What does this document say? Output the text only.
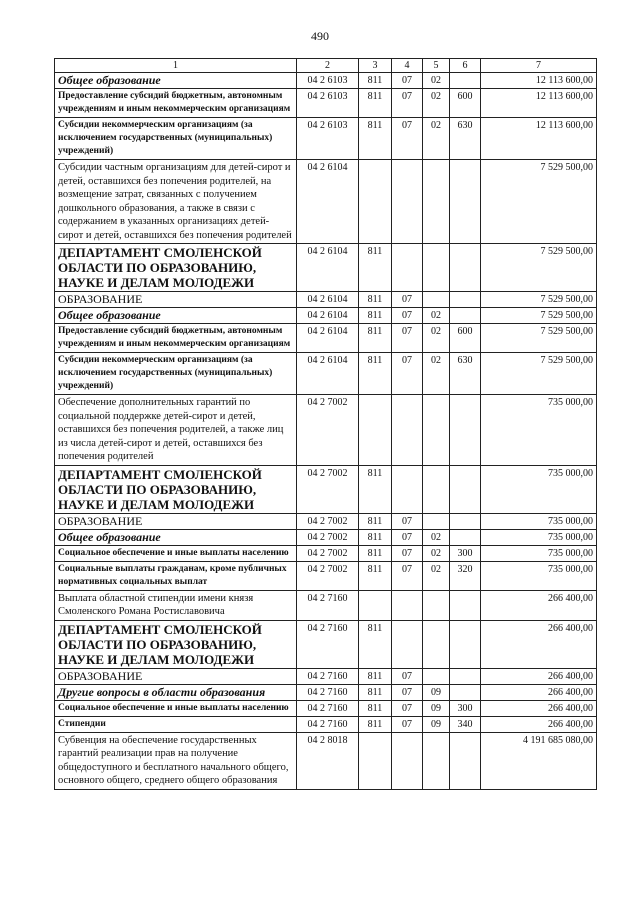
490
1	2	3	4	5	6	7
Общее образование	04 2 6103	811	07	02		12 113 600,00
Предоставление субсидий бюджетным, автономным учреждениям и иным некоммерческим организациям	04 2 6103	811	07	02	600	12 113 600,00
Субсидии некоммерческим организациям (за исключением государственных (муниципальных) учреждений)	04 2 6103	811	07	02	630	12 113 600,00
Субсидии частным организациям для детей-сирот и детей, оставшихся без попечения родителей, на возмещение затрат, связанных с получением дошкольного образования, а также в связи с содержанием в указанных организациях детей-сирот и детей, оставшихся без попечения родителей	04 2 6104					7 529 500,00
ДЕПАРТАМЕНТ СМОЛЕНСКОЙ ОБЛАСТИ ПО ОБРАЗОВАНИЮ, НАУКЕ И ДЕЛАМ МОЛОДЕЖИ	04 2 6104	811				7 529 500,00
ОБРАЗОВАНИЕ	04 2 6104	811	07			7 529 500,00
Общее образование	04 2 6104	811	07	02		7 529 500,00
Предоставление субсидий бюджетным, автономным учреждениям и иным некоммерческим организациям	04 2 6104	811	07	02	600	7 529 500,00
Субсидии некоммерческим организациям (за исключением государственных (муниципальных) учреждений)	04 2 6104	811	07	02	630	7 529 500,00
Обеспечение дополнительных гарантий по социальной поддержке детей-сирот и детей, оставшихся без попечения родителей, а также лиц из числа детей-сирот и детей, оставшихся без попечения родителей	04 2 7002					735 000,00
ДЕПАРТАМЕНТ СМОЛЕНСКОЙ ОБЛАСТИ ПО ОБРАЗОВАНИЮ, НАУКЕ И ДЕЛАМ МОЛОДЕЖИ	04 2 7002	811				735 000,00
ОБРАЗОВАНИЕ	04 2 7002	811	07			735 000,00
Общее образование	04 2 7002	811	07	02		735 000,00
Социальное обеспечение и иные выплаты населению	04 2 7002	811	07	02	300	735 000,00
Социальные выплаты гражданам, кроме публичных нормативных социальных выплат	04 2 7002	811	07	02	320	735 000,00
Выплата областной стипендии имени князя Смоленского Романа Ростиславовича	04 2 7160					266 400,00
ДЕПАРТАМЕНТ СМОЛЕНСКОЙ ОБЛАСТИ ПО ОБРАЗОВАНИЮ, НАУКЕ И ДЕЛАМ МОЛОДЕЖИ	04 2 7160	811				266 400,00
ОБРАЗОВАНИЕ	04 2 7160	811	07			266 400,00
Другие вопросы в области образования	04 2 7160	811	07	09		266 400,00
Социальное обеспечение и иные выплаты населению	04 2 7160	811	07	09	300	266 400,00
Стипендии	04 2 7160	811	07	09	340	266 400,00
Субвенция на обеспечение государственных гарантий реализации прав на получение общедоступного и бесплатного начального общего, основного общего, среднего общего образования	04 2 8018					4 191 685 080,00
